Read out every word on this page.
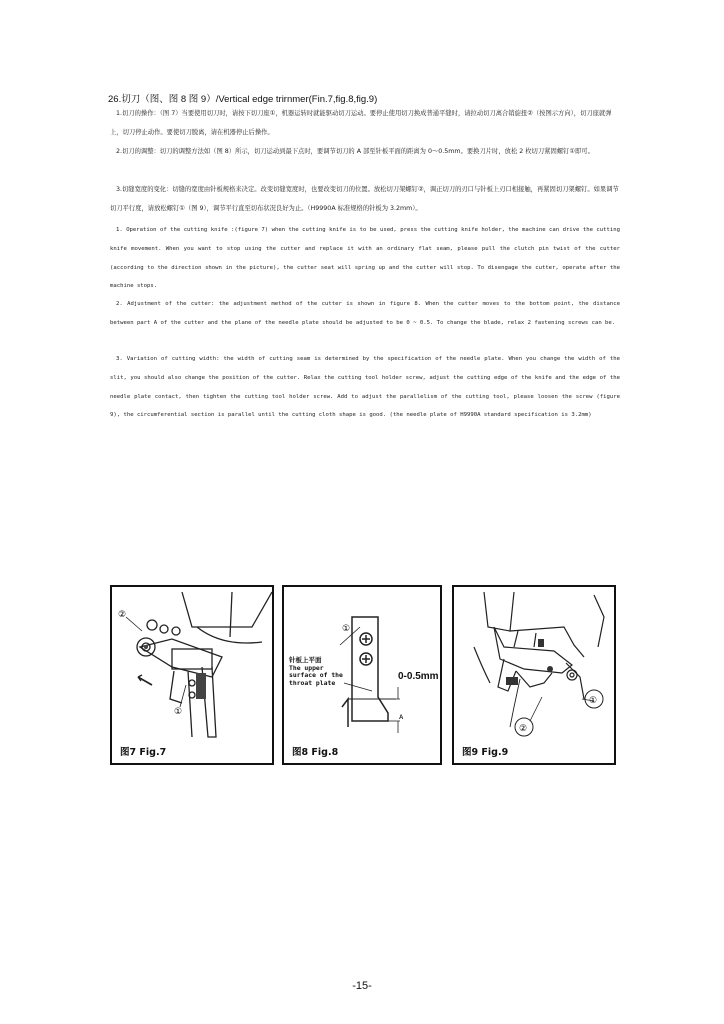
26.切刀（图、图 8 图 9）/Vertical edge trirnmer(Fin.7,fig.8,fig.9)
1.切刀的操作：（图 7）当要使用切刀时，请按下切刀座①，机器运转时就能驱动切刀运动。要停止使用切刀换成普通平缝时，请拉动切刀离合销旋扭②（按图示方向），切刀座就弹上，切刀停止动作。要使切刀脱离，请在机器停止后操作。
2.切刀的调整：切刀的调整方法如（图 8）所示，切刀运动到最下点时，要调节切刀的 A 部至针板平面的距离为 0～0.5mm。要换刀片时，放松 2 枚切刀紧固螺钉①即可。
3.切缝宽度的变化：切缝的宽度由针板规格来决定。改变切缝宽度时，也要改变切刀的位置。放松切刀架螺钉②，调正切刀的刃口与针板上刃口相接触，再紧固切刀架螺钉。如果调节切刀平行度，请放松螺钉①（图 9），调节平行直至切布状况良好为止。（H9990A 标准规格的针板为 3.2mm）。
1. Operation of the cutting knife :(figure 7) when the cutting knife is to be used, press the cutting knife holder, the machine can drive the cutting knife movement. When you want to stop using the cutter and replace it with an ordinary flat seam, please pull the clutch pin twist of the cutter (according to the direction shown in the picture), the cutter seat will spring up and the cutter will stop. To disengage the cutter, operate after the machine stops.
2. Adjustment of the cutter: the adjustment method of the cutter is shown in figure 8. When the cutter moves to the bottom point, the distance between part A of the cutter and the plane of the needle plate should be adjusted to be 0 ~ 0.5. To change the blade, relax 2 fastening screws can be.
3. Variation of cutting width: the width of cutting seam is determined by the specification of the needle plate. When you change the width of the slit, you should also change the position of the cutter. Relax the cutting tool holder screw, adjust the cutting edge of the knife and the edge of the needle plate contact, then tighten the cutting tool holder screw. Add to adjust the parallelism of the cutting tool, please loosen the screw (figure 9), the circumferential section is parallel until the cutting cloth shape is good. (the needle plate of H9990A standard specification is 3.2mm)
②
①
图7 Fig.7
①
针板上平面
The upper
surface of the
throat plate
0-0.5mm
A
图8 Fig.8
①
②
图9 Fig.9
-15-
